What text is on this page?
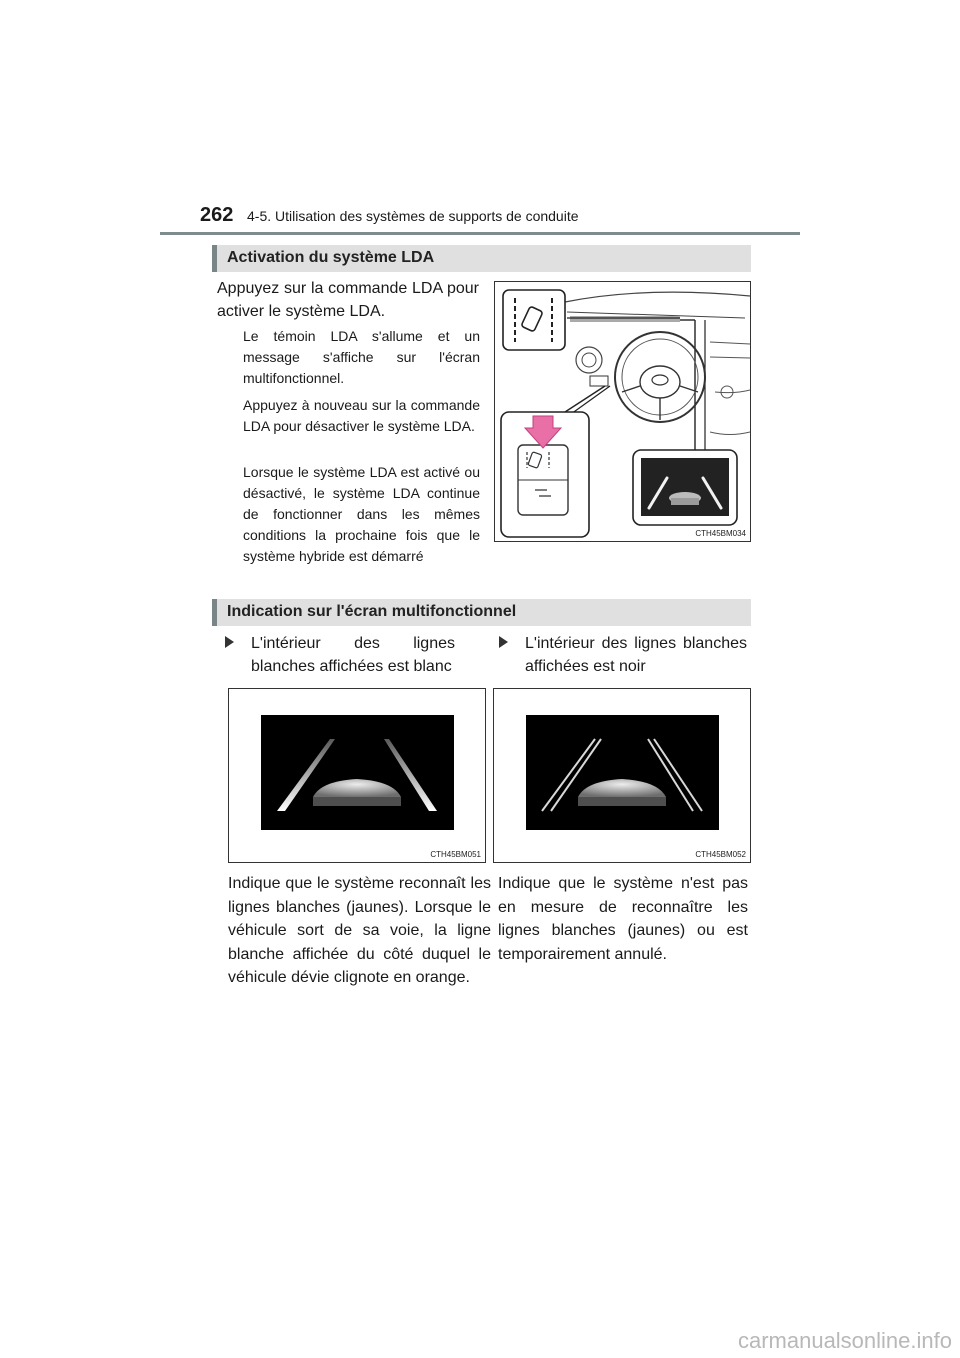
262 4-5. Utilisation des systèmes de supports de conduite
Activation du système LDA

Appuyez sur la commande LDA pour activer le système LDA.

Le témoin LDA s'allume et un message s'affiche sur l'écran multifonctionnel.

Appuyez à nouveau sur la commande LDA pour désactiver le système LDA.

Lorsque le système LDA est activé ou désactivé, le système LDA continue de fonctionner dans les mêmes conditions la prochaine fois que le système hybride est démarré

CTH45BM034
Indication sur l'écran multifonctionnel
L'intérieur des lignes blanches affichées est blanc
L'intérieur des lignes blanches affichées est noir
CTH45BM051	CTH45BM052

Indique que le système reconnaît les lignes blanches (jaunes). Lorsque le véhicule sort de sa voie, la ligne blanche affichée du côté duquel le véhicule dévie clignote en orange.

Indique que le système n'est pas en mesure de reconnaître les lignes blanches (jaunes) ou est temporairement annulé.

carmanualsonline.info
